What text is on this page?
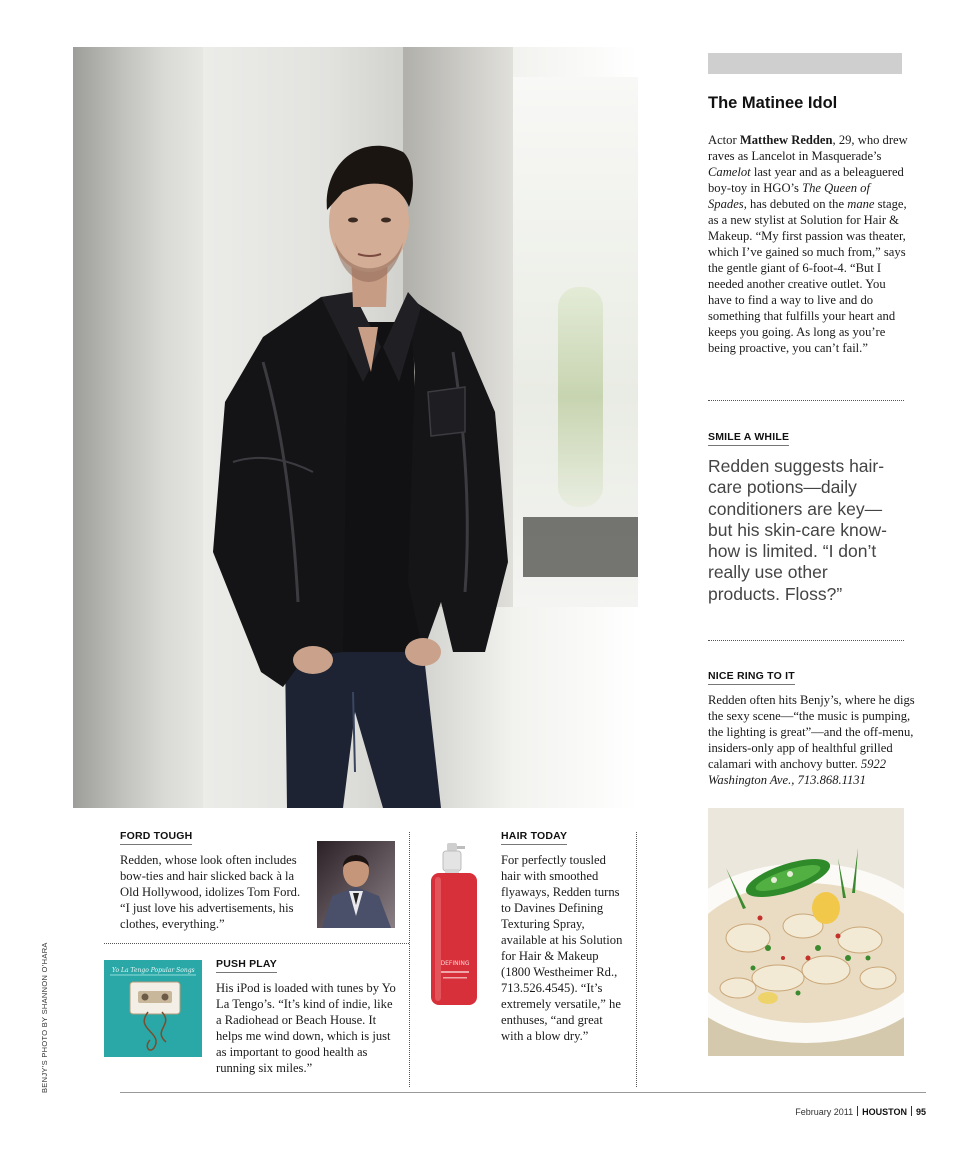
The Matinee Idol

Actor Matthew Redden, 29, who drew raves as Lancelot in Masquerade’s Camelot last year and as a beleaguered boy-toy in HGO’s The Queen of Spades, has debuted on the mane stage, as a new stylist at Solution for Hair & Makeup. “My first passion was theater, which I’ve gained so much from,” says the gentle giant of 6-foot-4. “But I needed another creative outlet. You have to find a way to live and do something that fulfills your heart and keeps you going. As long as you’re being proactive, you can’t fail.”

SMILE A WHILE

Redden suggests hair-care potions—daily conditioners are key—but his skin-care know-how is limited. “I don’t really use other products. Floss?”

NICE RING TO IT

Redden often hits Benjy’s, where he digs the sexy scene—“the music is pumping, the lighting is great”—and the off-menu, insiders-only app of healthful grilled calamari with anchovy butter. 5922 Washington Ave., 713.868.1131

FORD TOUGH

Redden, whose look often includes bow-ties and hair slicked back à la Old Hollywood, idolizes Tom Ford. “I just love his advertisements, his clothes, everything.”

Yo La Tengo Popular Songs
PUSH PLAY

His iPod is loaded with tunes by Yo La Tengo’s. “It’s kind of indie, like a Radiohead or Beach House. It helps me wind down, which is just as important to good health as running six miles.”

DEFINING
HAIR TODAY

For perfectly tousled hair with smoothed flyaways, Redden turns to Davines Defining Texturing Spray, available at his Solution for Hair & Makeup (1800 Westheimer Rd., 713.526.4545). “It’s extremely versatile,” he enthuses, “and great with a blow dry.”

BENJY’S PHOTO BY SHANNON O’HARA
February 2011 HOUSTON 95
